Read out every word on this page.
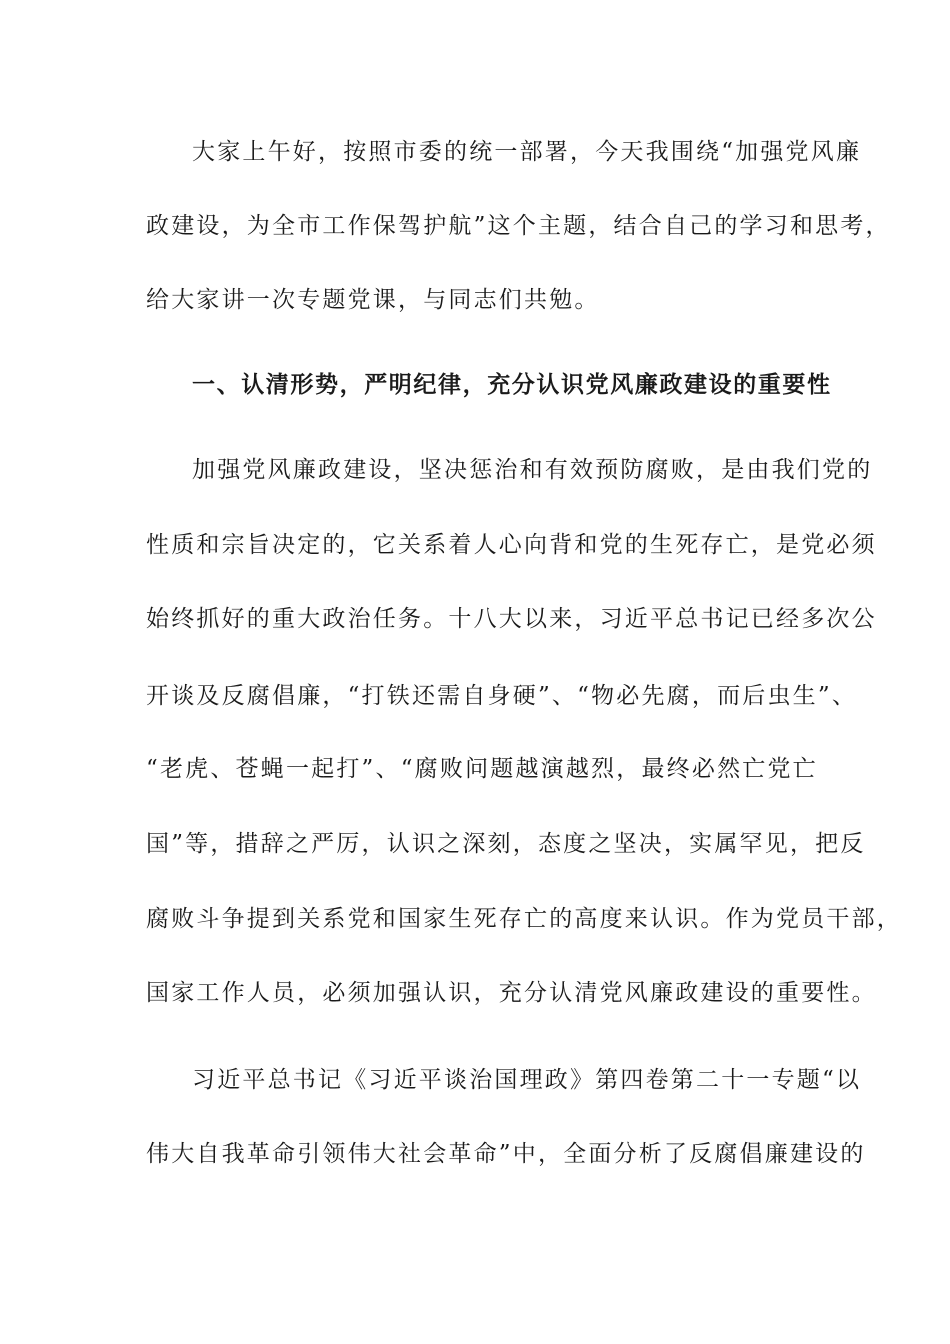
大家上午好，按照市委的统一部署，今天我围绕“加强党风廉
政建设，为全市工作保驾护航”这个主题，结合自己的学习和思考，
给大家讲一次专题党课，与同志们共勉。
一、认清形势，严明纪律，充分认识党风廉政建设的重要性
加强党风廉政建设，坚决惩治和有效预防腐败，是由我们党的
性质和宗旨决定的，它关系着人心向背和党的生死存亡，是党必须
始终抓好的重大政治任务。十八大以来，习近平总书记已经多次公
开谈及反腐倡廉，“打铁还需自身硬”、“物必先腐，而后虫生”、
“老虎、苍蝇一起打”、“腐败问题越演越烈，最终必然亡党亡
国”等，措辞之严厉，认识之深刻，态度之坚决，实属罕见，把反
腐败斗争提到关系党和国家生死存亡的高度来认识。作为党员干部，
国家工作人员，必须加强认识，充分认清党风廉政建设的重要性。
习近平总书记《习近平谈治国理政》第四卷第二十一专题“以
伟大自我革命引领伟大社会革命”中，全面分析了反腐倡廉建设的
